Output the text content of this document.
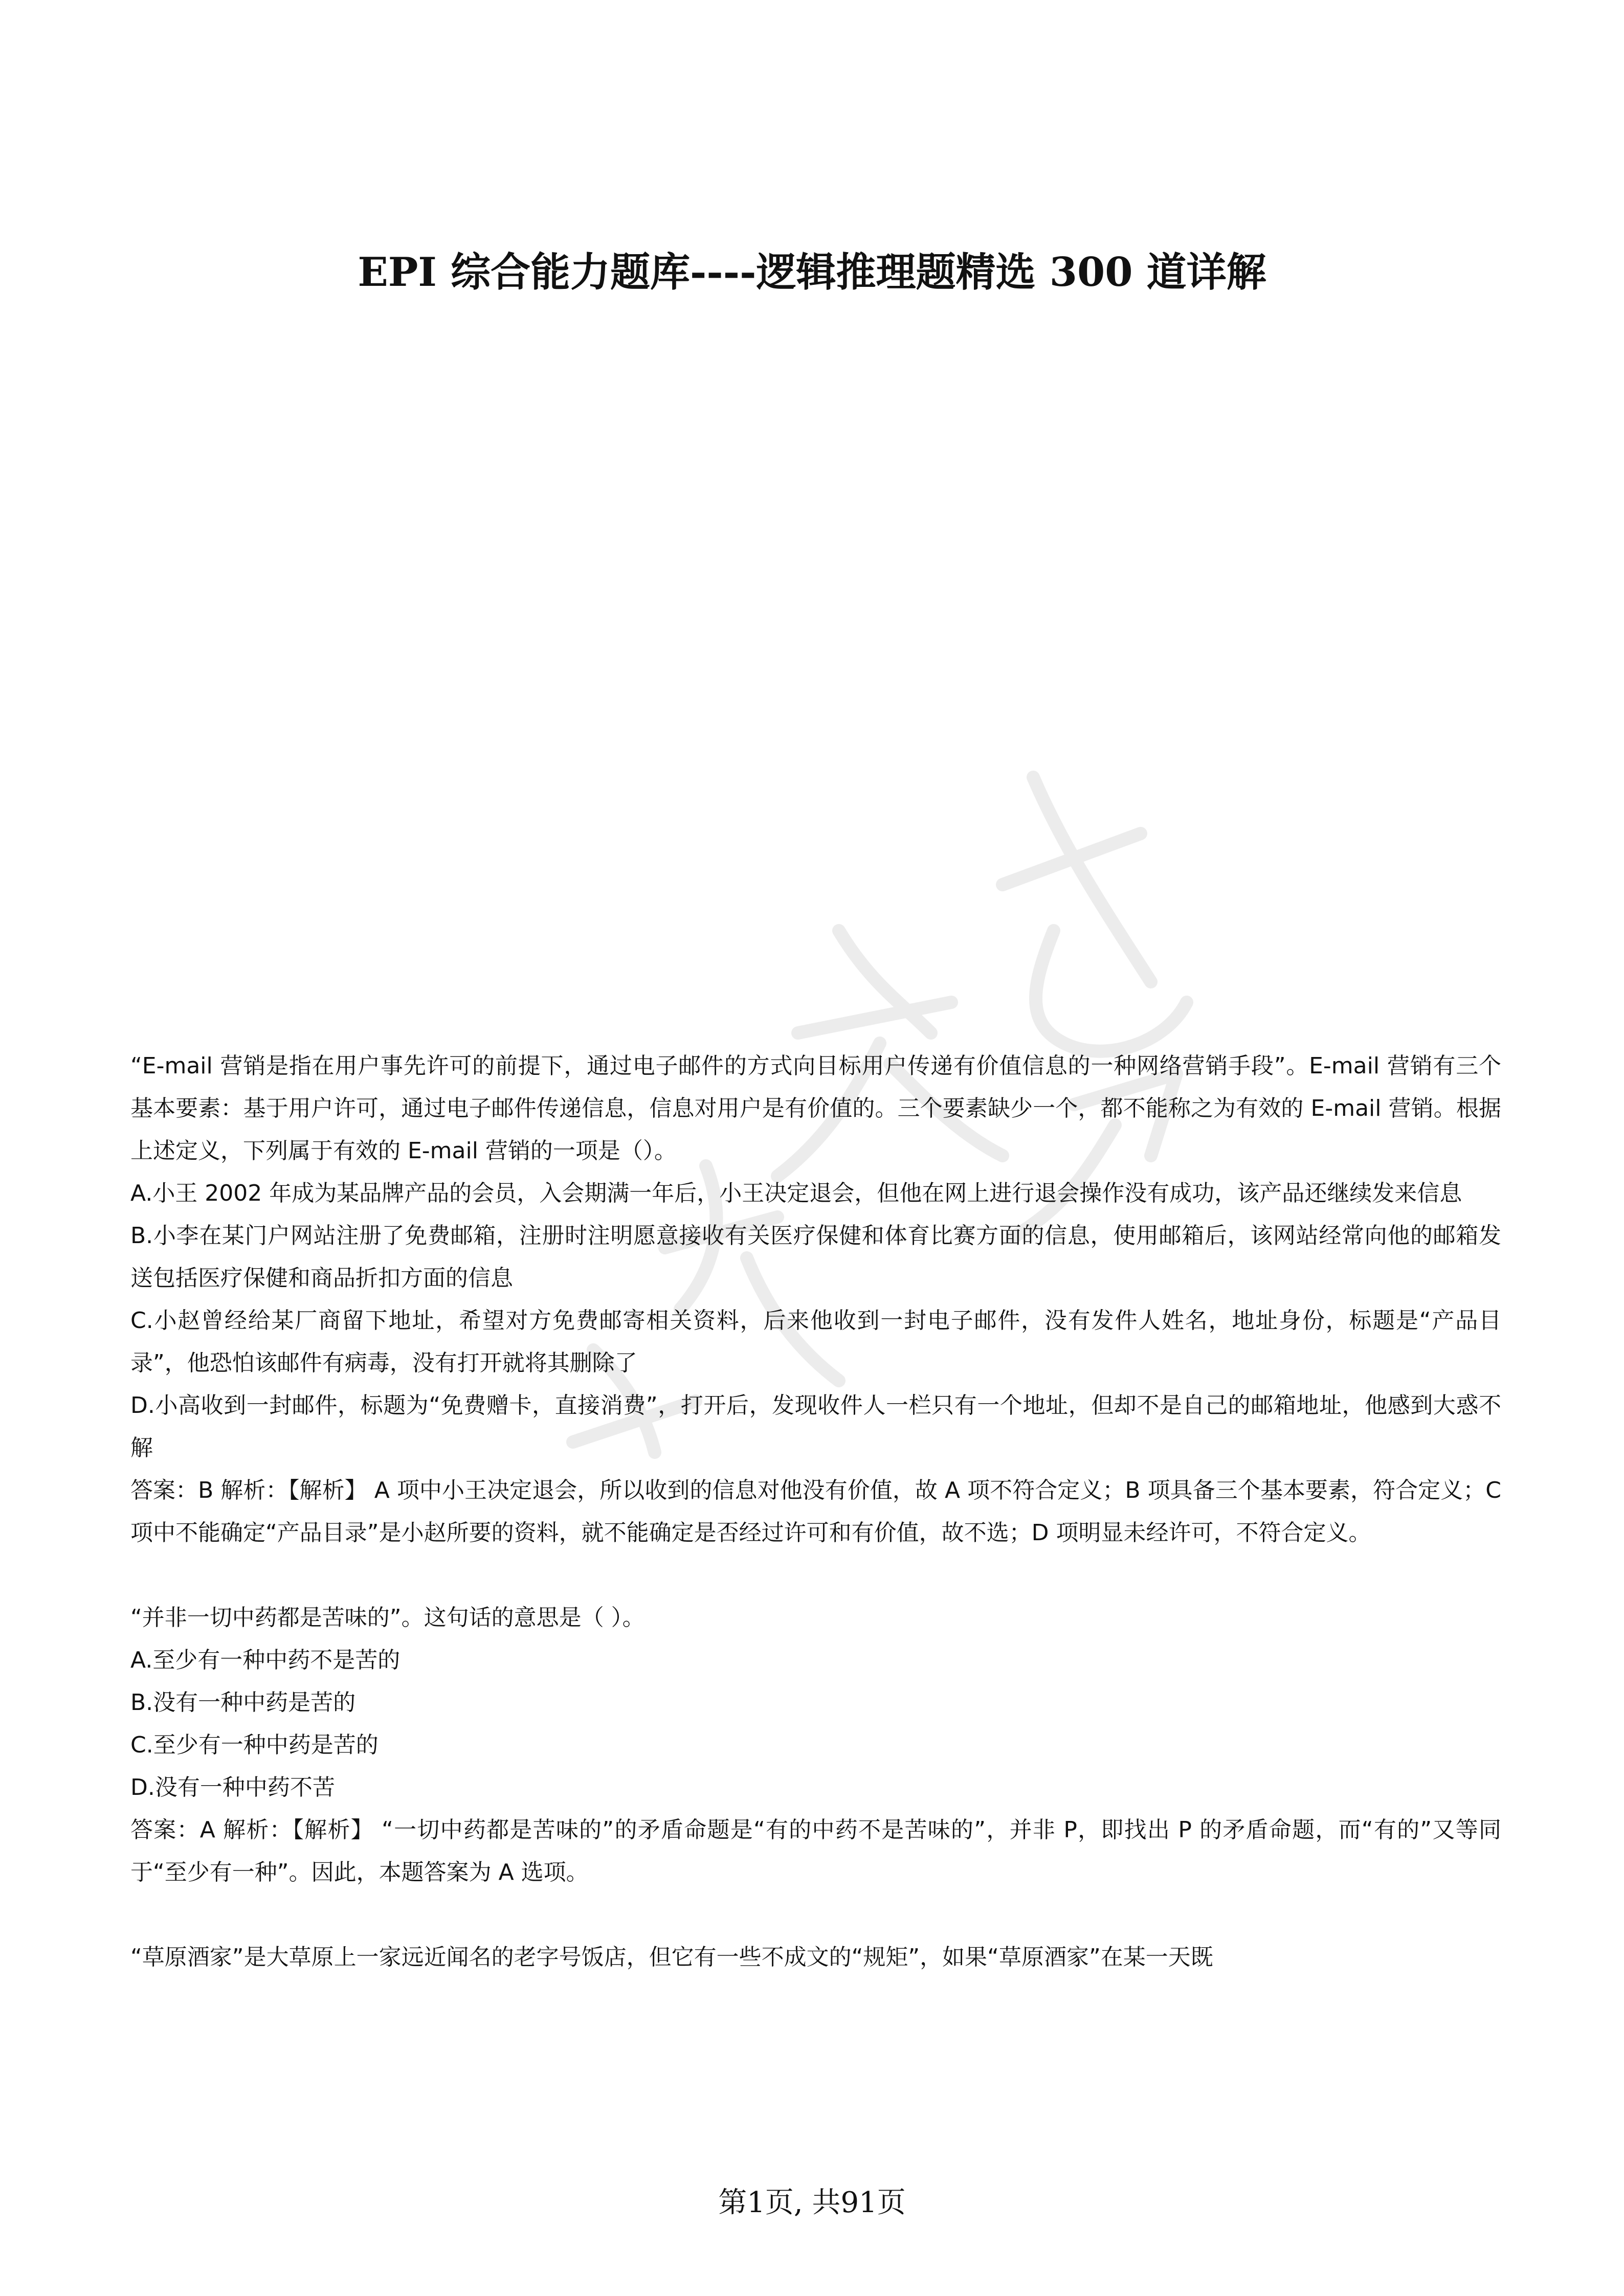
EPI 综合能力题库----逻辑推理题精选 300 道详解

“E-mail 营销是指在用户事先许可的前提下，通过电子邮件的方式向目标用户传递有价值信息的一种网络营销手段”。E-mail 营销有三个基本要素：基于用户许可，通过电子邮件传递信息，信息对用户是有价值的。三个要素缺少一个，都不能称之为有效的 E-mail 营销。根据上述定义，下列属于有效的 E-mail 营销的一项是（）。

A.小王 2002 年成为某品牌产品的会员，入会期满一年后，小王决定退会，但他在网上进行退会操作没有成功，该产品还继续发来信息

B.小李在某门户网站注册了免费邮箱，注册时注明愿意接收有关医疗保健和体育比赛方面的信息，使用邮箱后，该网站经常向他的邮箱发送包括医疗保健和商品折扣方面的信息

C.小赵曾经给某厂商留下地址，希望对方免费邮寄相关资料，后来他收到一封电子邮件，没有发件人姓名，地址身份，标题是“产品目录”，他恐怕该邮件有病毒，没有打开就将其删除了

D.小高收到一封邮件，标题为“免费赠卡，直接消费”，打开后，发现收件人一栏只有一个地址，但却不是自己的邮箱地址，他感到大惑不解

答案：B 解析：【解析】 A 项中小王决定退会，所以收到的信息对他没有价值，故 A 项不符合定义；B 项具备三个基本要素，符合定义；C 项中不能确定“产品目录”是小赵所要的资料，就不能确定是否经过许可和有价值，故不选；D 项明显未经许可，不符合定义。

“并非一切中药都是苦味的”。这句话的意思是（ ）。

A.至少有一种中药不是苦的

B.没有一种中药是苦的

C.至少有一种中药是苦的

D.没有一种中药不苦

答案：A 解析：【解析】 “一切中药都是苦味的”的矛盾命题是“有的中药不是苦味的”，并非 P，即找出 P 的矛盾命题，而“有的”又等同于“至少有一种”。因此，本题答案为 A 选项。

“草原酒家”是大草原上一家远近闻名的老字号饭店，但它有一些不成文的“规矩”，如果“草原酒家”在某一天既

第1页, 共91页
